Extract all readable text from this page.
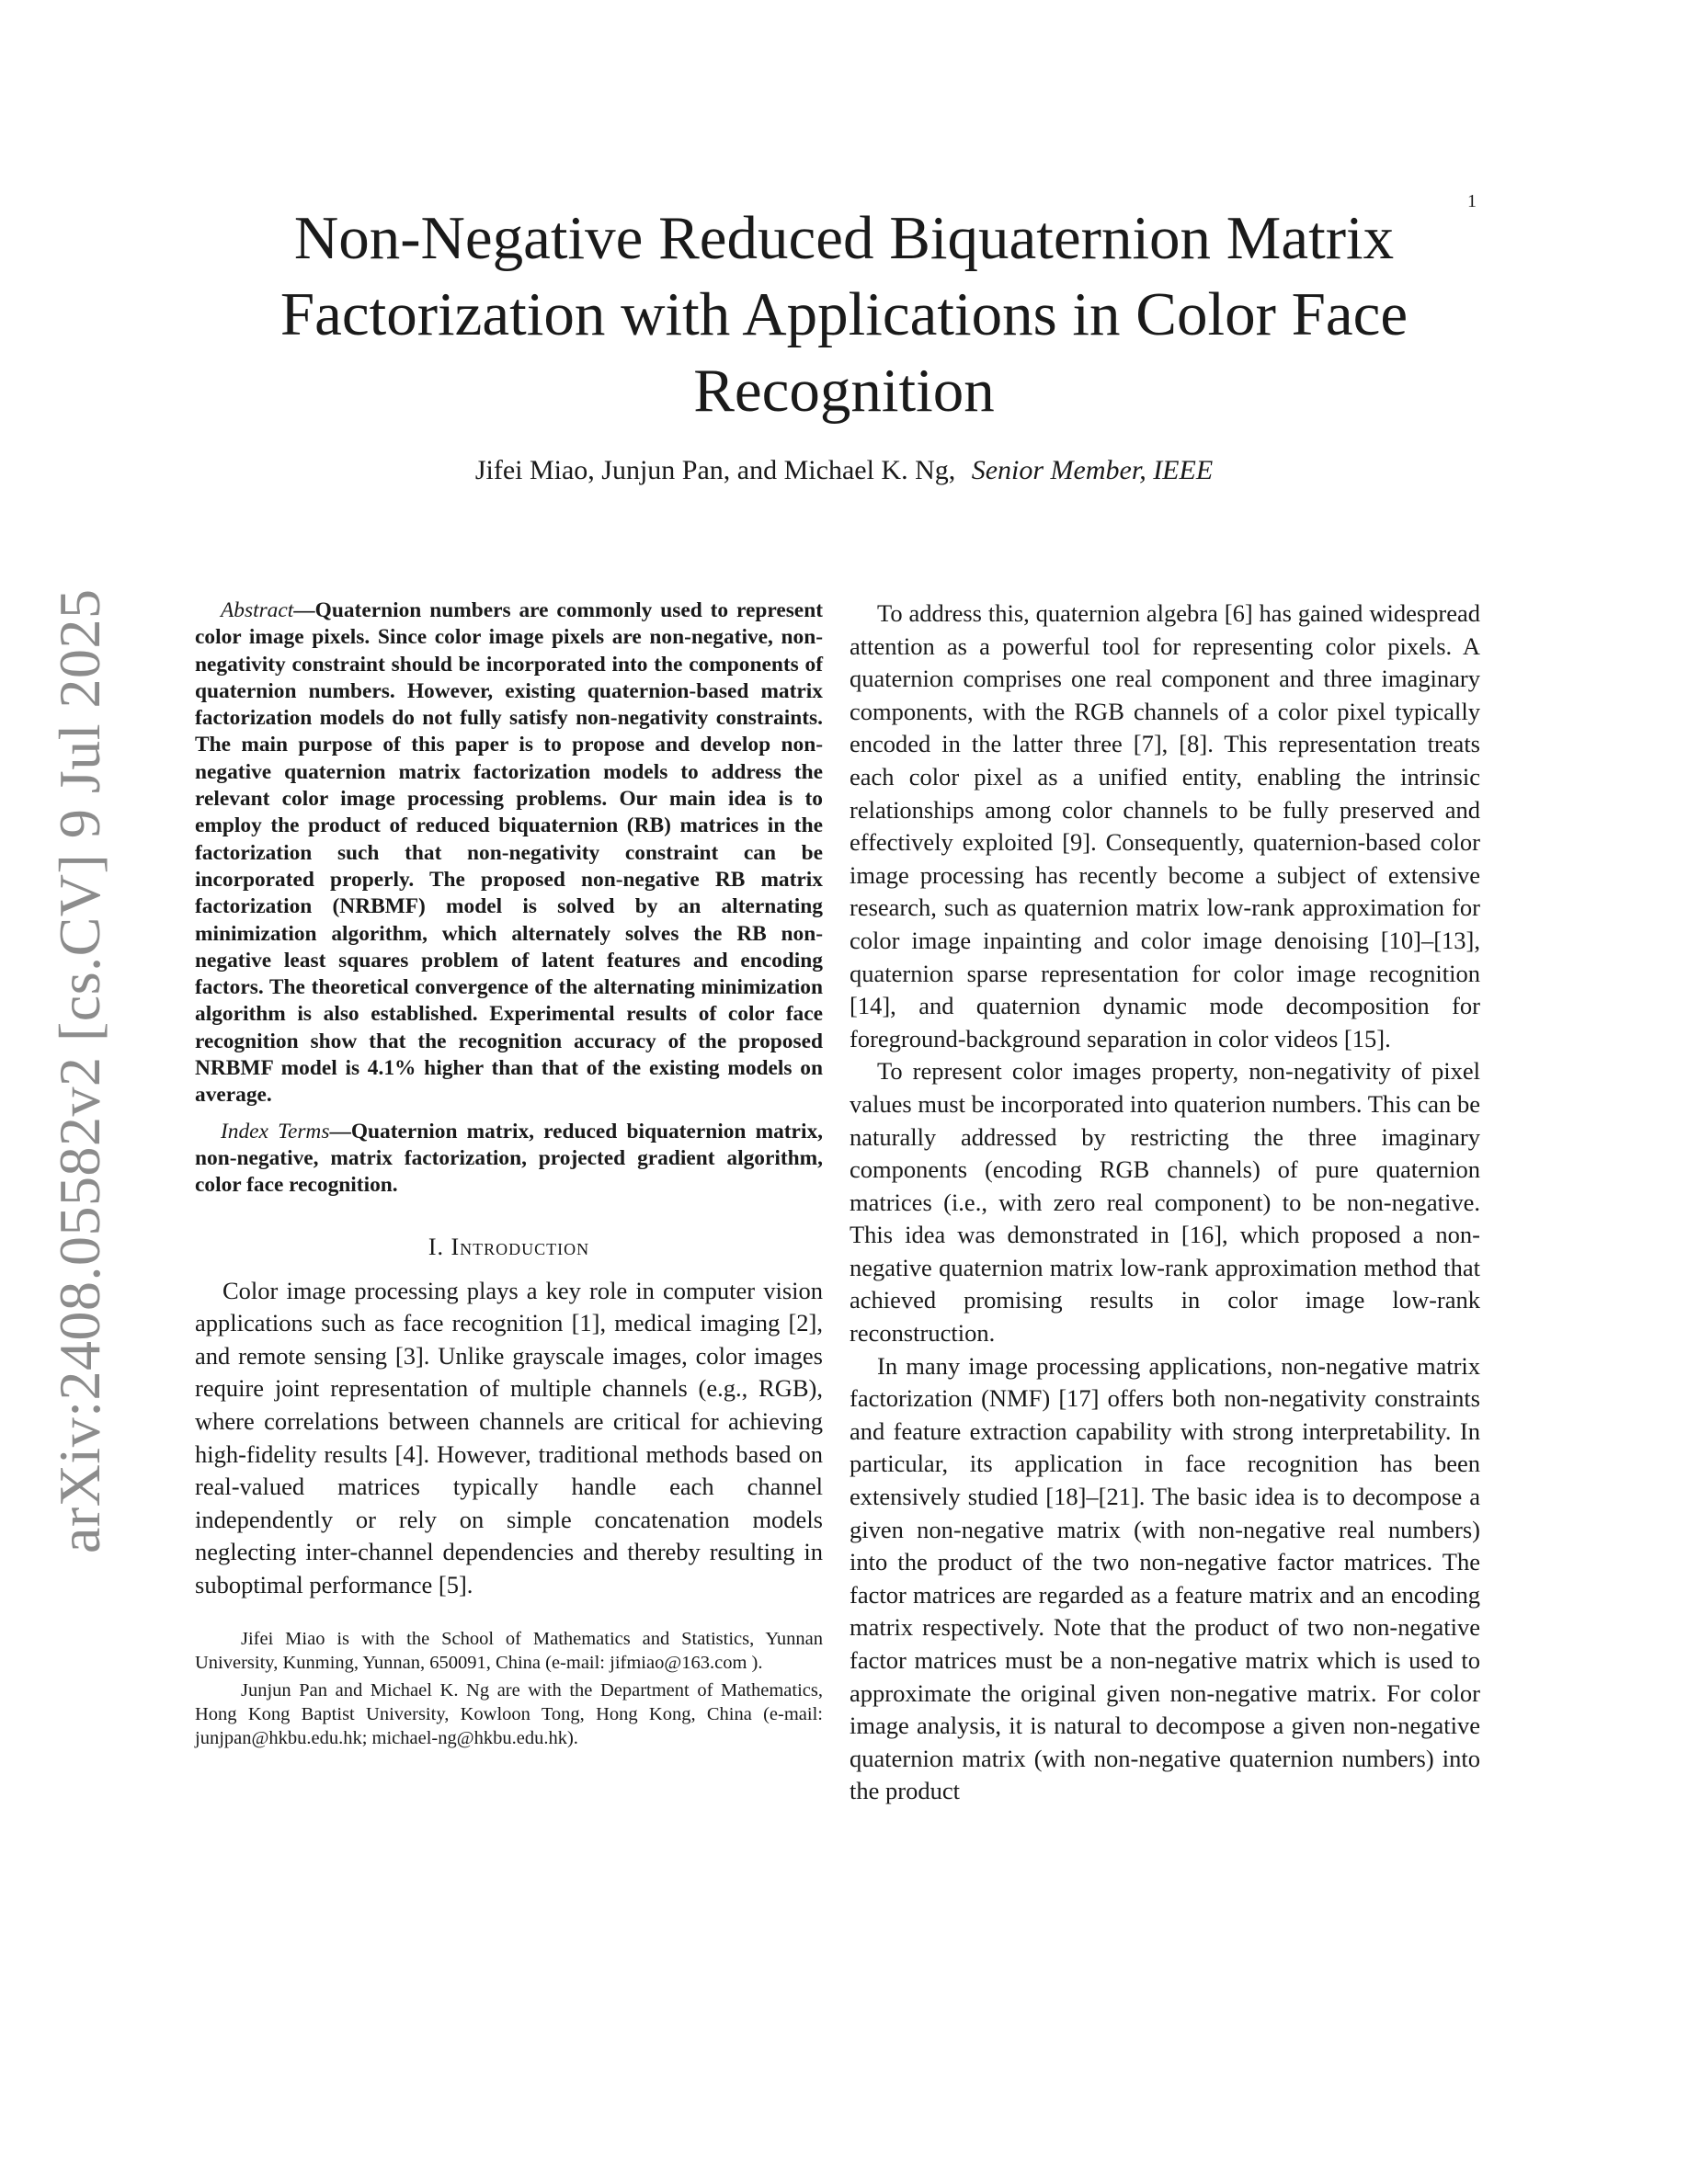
1
arXiv:2408.05582v2 [cs.CV] 9 Jul 2025
Non-Negative Reduced Biquaternion Matrix
Factorization with Applications in Color Face
Recognition
Jifei Miao, Junjun Pan, and Michael K. Ng, Senior Member, IEEE

Abstract—Quaternion numbers are commonly used to represent color image pixels. Since color image pixels are non-negative, non-negativity constraint should be incorporated into the components of quaternion numbers. However, existing quaternion-based matrix factorization models do not fully satisfy non-negativity constraints. The main purpose of this paper is to propose and develop non-negative quaternion matrix factorization models to address the relevant color image processing problems. Our main idea is to employ the product of reduced biquaternion (RB) matrices in the factorization such that non-negativity constraint can be incorporated properly. The proposed non-negative RB matrix factorization (NRBMF) model is solved by an alternating minimization algorithm, which alternately solves the RB non-negative least squares problem of latent features and encoding factors. The theoretical convergence of the alternating minimization algorithm is also established. Experimental results of color face recognition show that the recognition accuracy of the proposed NRBMF model is 4.1% higher than that of the existing models on average.

Index Terms—Quaternion matrix, reduced biquaternion matrix, non-negative, matrix factorization, projected gradient algorithm, color face recognition.

I. Introduction

Color image processing plays a key role in computer vision applications such as face recognition [1], medical imaging [2], and remote sensing [3]. Unlike grayscale images, color images require joint representation of multiple channels (e.g., RGB), where correlations between channels are critical for achieving high-fidelity results [4]. However, traditional methods based on real-valued matrices typically handle each channel independently or rely on simple concatenation models neglecting inter-channel dependencies and thereby resulting in suboptimal performance [5].

Jifei Miao is with the School of Mathematics and Statistics, Yunnan University, Kunming, Yunnan, 650091, China (e-mail: jifmiao@163.com ).

Junjun Pan and Michael K. Ng are with the Department of Mathematics, Hong Kong Baptist University, Kowloon Tong, Hong Kong, China (e-mail: junjpan@hkbu.edu.hk; michael-ng@hkbu.edu.hk).

To address this, quaternion algebra [6] has gained widespread attention as a powerful tool for representing color pixels. A quaternion comprises one real component and three imaginary components, with the RGB channels of a color pixel typically encoded in the latter three [7], [8]. This representation treats each color pixel as a unified entity, enabling the intrinsic relationships among color channels to be fully preserved and effectively exploited [9]. Consequently, quaternion-based color image processing has recently become a subject of extensive research, such as quaternion matrix low-rank approximation for color image inpainting and color image denoising [10]–[13], quaternion sparse representation for color image recognition [14], and quaternion dynamic mode decomposition for foreground-background separation in color videos [15].

To represent color images property, non-negativity of pixel values must be incorporated into quaterion numbers. This can be naturally addressed by restricting the three imaginary components (encoding RGB channels) of pure quaternion matrices (i.e., with zero real component) to be non-negative. This idea was demonstrated in [16], which proposed a non-negative quaternion matrix low-rank approximation method that achieved promising results in color image low-rank reconstruction.

In many image processing applications, non-negative matrix factorization (NMF) [17] offers both non-negativity constraints and feature extraction capability with strong interpretability. In particular, its application in face recognition has been extensively studied [18]–[21]. The basic idea is to decompose a given non-negative matrix (with non-negative real numbers) into the product of the two non-negative factor matrices. The factor matrices are regarded as a feature matrix and an encoding matrix respectively. Note that the product of two non-negative factor matrices must be a non-negative matrix which is used to approximate the original given non-negative matrix. For color image analysis, it is natural to decompose a given non-negative quaternion matrix (with non-negative quaternion numbers) into the product
